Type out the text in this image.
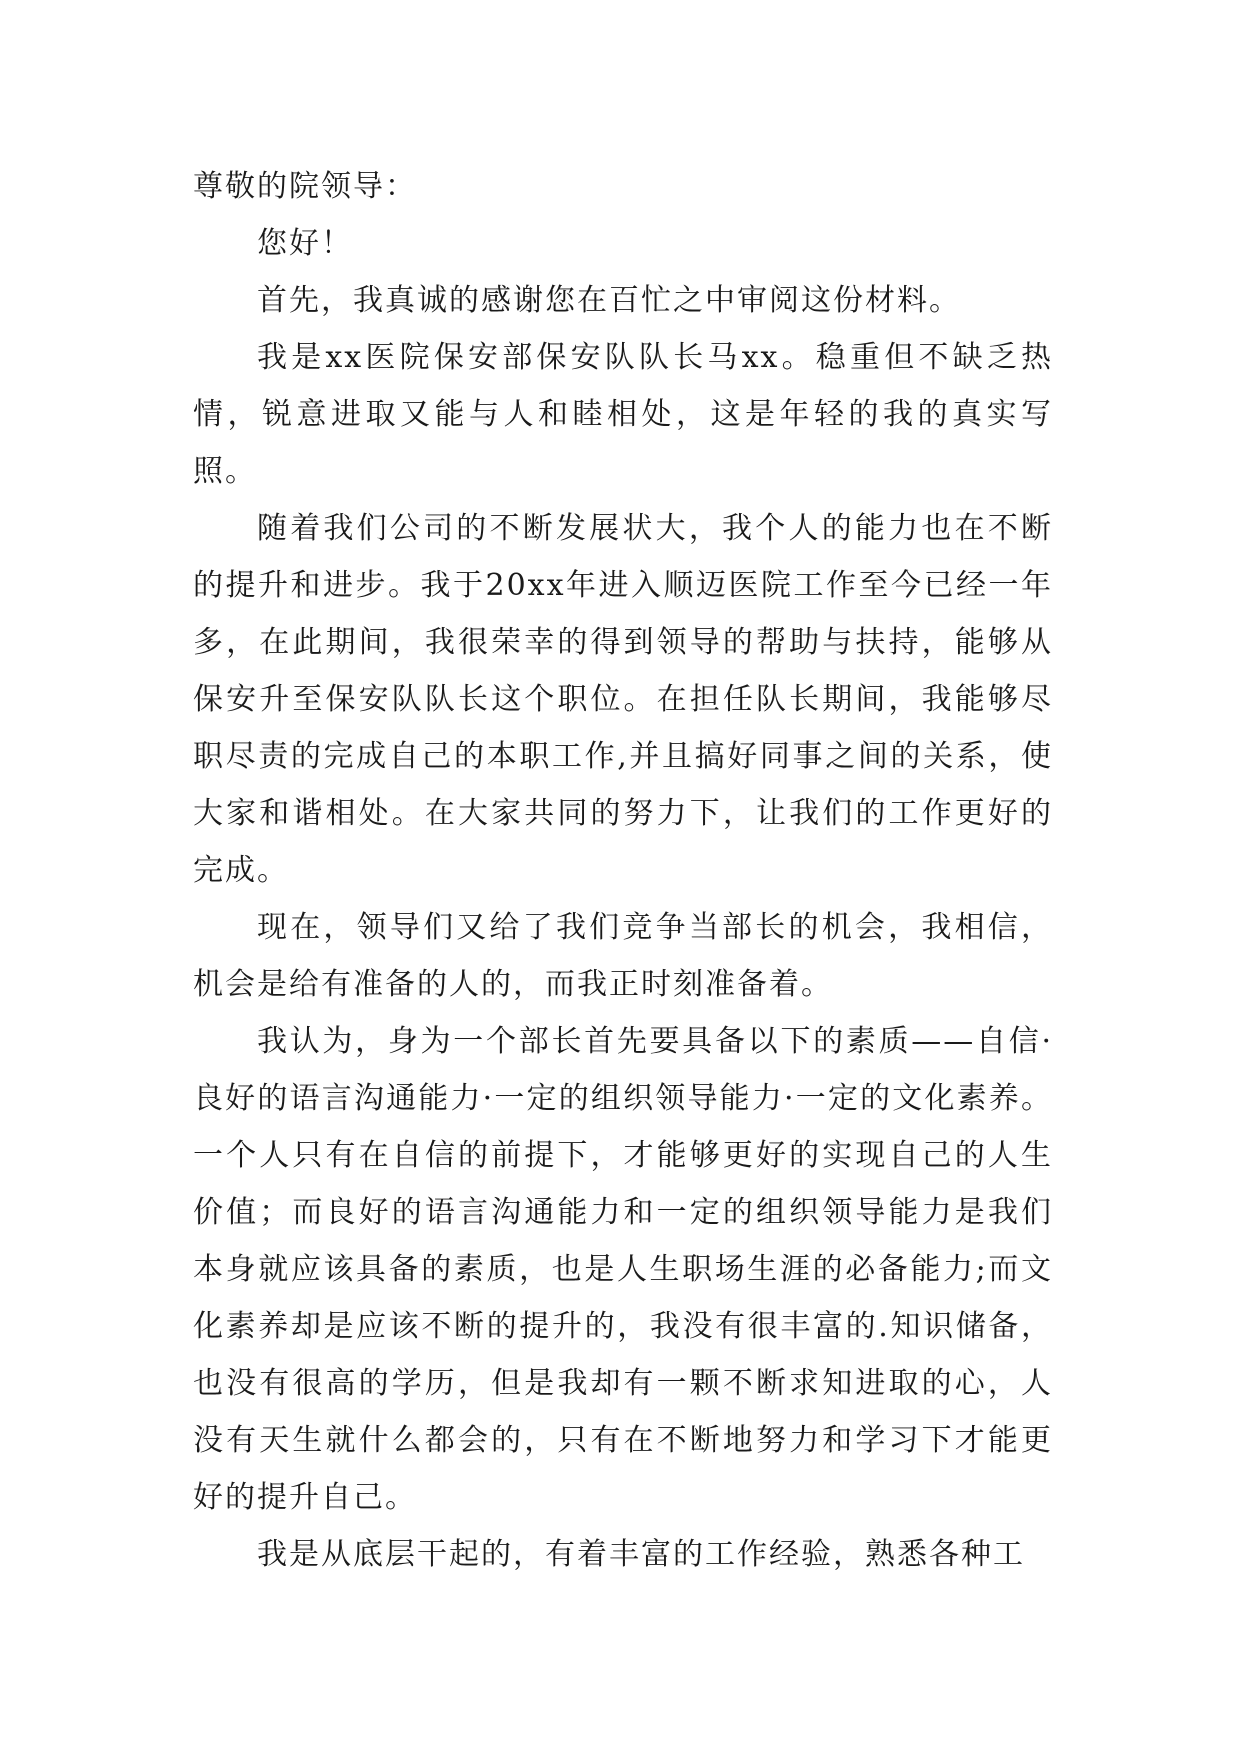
尊敬的院领导：

您好！

首先，我真诚的感谢您在百忙之中审阅这份材料。

我是xx医院保安部保安队队长马xx。稳重但不缺乏热情，锐意进取又能与人和睦相处，这是年轻的我的真实写照。

随着我们公司的不断发展状大，我个人的能力也在不断的提升和进步。我于20xx年进入顺迈医院工作至今已经一年多，在此期间，我很荣幸的得到领导的帮助与扶持，能够从保安升至保安队队长这个职位。在担任队长期间，我能够尽职尽责的完成自己的本职工作,并且搞好同事之间的关系，使大家和谐相处。在大家共同的努力下，让我们的工作更好的完成。

现在，领导们又给了我们竞争当部长的机会，我相信，机会是给有准备的人的，而我正时刻准备着。

我认为，身为一个部长首先要具备以下的素质——自信·良好的语言沟通能力·一定的组织领导能力·一定的文化素养。一个人只有在自信的前提下，才能够更好的实现自己的人生价值；而良好的语言沟通能力和一定的组织领导能力是我们本身就应该具备的素质，也是人生职场生涯的必备能力;而文化素养却是应该不断的提升的，我没有很丰富的.知识储备，也没有很高的学历，但是我却有一颗不断求知进取的心，人没有天生就什么都会的，只有在不断地努力和学习下才能更好的提升自己。

我是从底层干起的，有着丰富的工作经验，熟悉各种工
